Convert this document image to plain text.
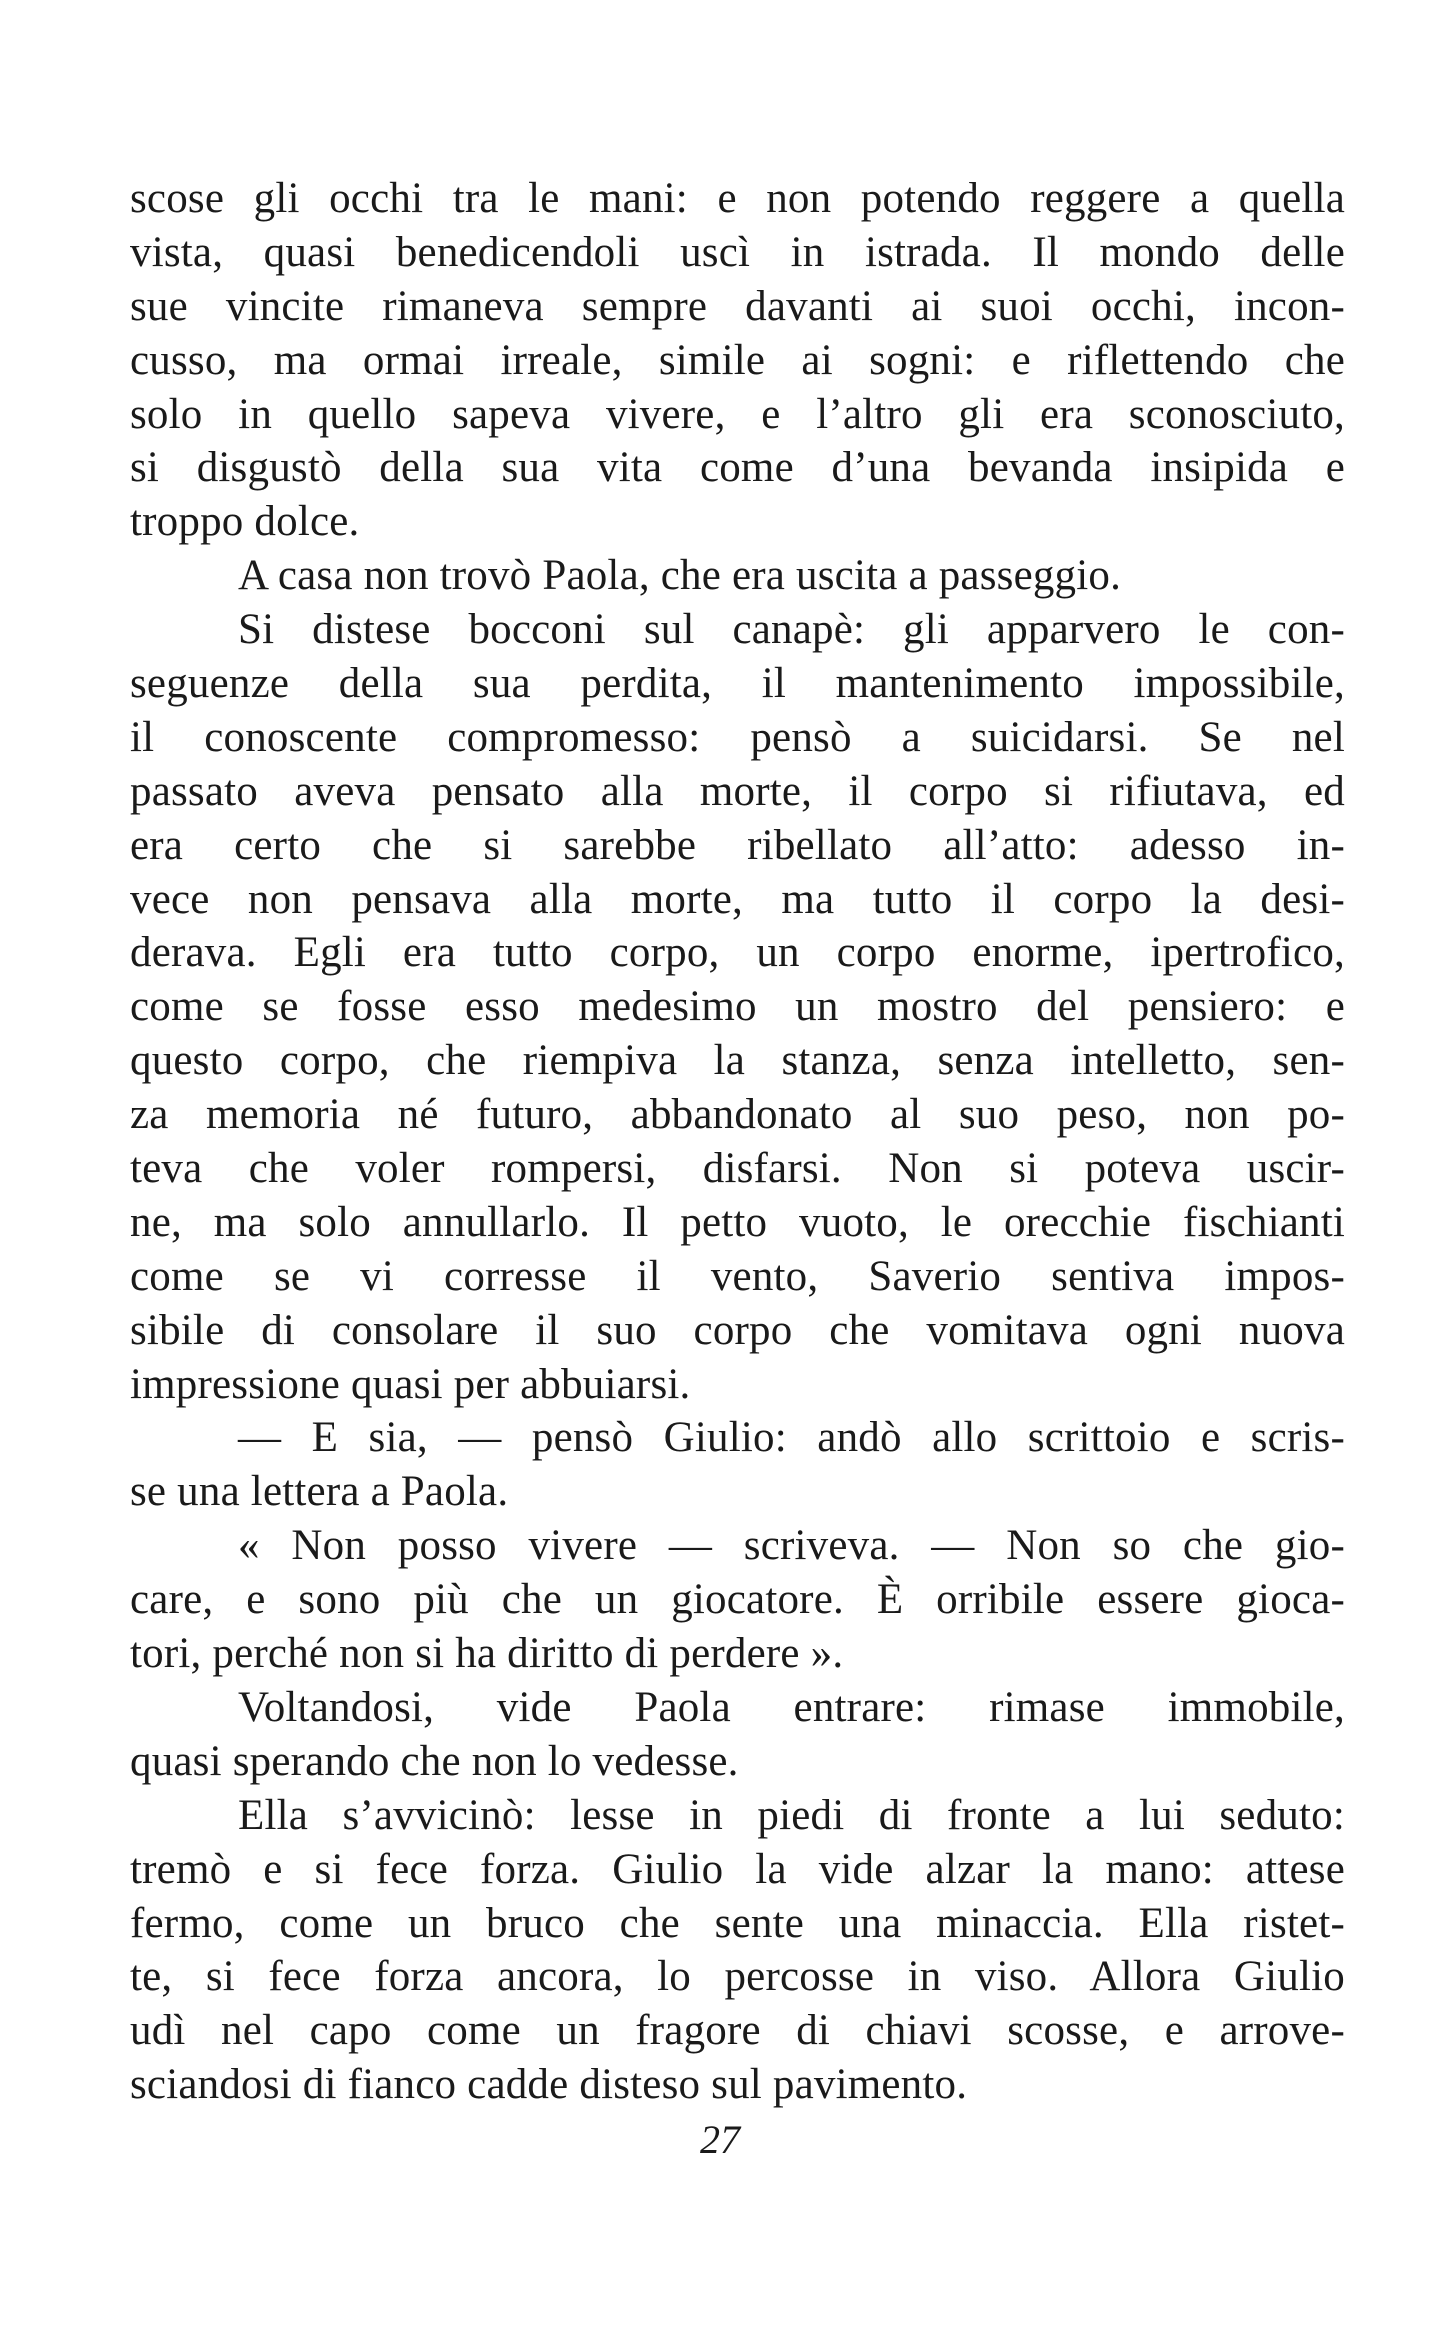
scose gli occhi tra le mani: e non potendo reggere a quella
vista, quasi benedicendoli uscì in istrada. Il mondo delle
sue vincite rimaneva sempre davanti ai suoi occhi, incon-
cusso, ma ormai irreale, simile ai sogni: e riflettendo che
solo in quello sapeva vivere, e l’altro gli era sconosciuto,
si disgustò della sua vita come d’una bevanda insipida e
troppo dolce.
A casa non trovò Paola, che era uscita a passeggio.
Si distese bocconi sul canapè: gli apparvero le con-
seguenze della sua perdita, il mantenimento impossibile,
il conoscente compromesso: pensò a suicidarsi. Se nel
passato aveva pensato alla morte, il corpo si rifiutava, ed
era certo che si sarebbe ribellato all’atto: adesso in-
vece non pensava alla morte, ma tutto il corpo la desi-
derava. Egli era tutto corpo, un corpo enorme, ipertrofico,
come se fosse esso medesimo un mostro del pensiero: e
questo corpo, che riempiva la stanza, senza intelletto, sen-
za memoria né futuro, abbandonato al suo peso, non po-
teva che voler rompersi, disfarsi. Non si poteva uscir-
ne, ma solo annullarlo. Il petto vuoto, le orecchie fischianti
come se vi corresse il vento, Saverio sentiva impos-
sibile di consolare il suo corpo che vomitava ogni nuova
impressione quasi per abbuiarsi.
— E sia, — pensò Giulio: andò allo scrittoio e scris-
se una lettera a Paola.
« Non posso vivere — scriveva. — Non so che gio-
care, e sono più che un giocatore. È orribile essere gioca-
tori, perché non si ha diritto di perdere ».
Voltandosi, vide Paola entrare: rimase immobile,
quasi sperando che non lo vedesse.
Ella s’avvicinò: lesse in piedi di fronte a lui seduto:
tremò e si fece forza. Giulio la vide alzar la mano: attese
fermo, come un bruco che sente una minaccia. Ella ristet-
te, si fece forza ancora, lo percosse in viso. Allora Giulio
udì nel capo come un fragore di chiavi scosse, e arrove-
sciandosi di fianco cadde disteso sul pavimento.
27
